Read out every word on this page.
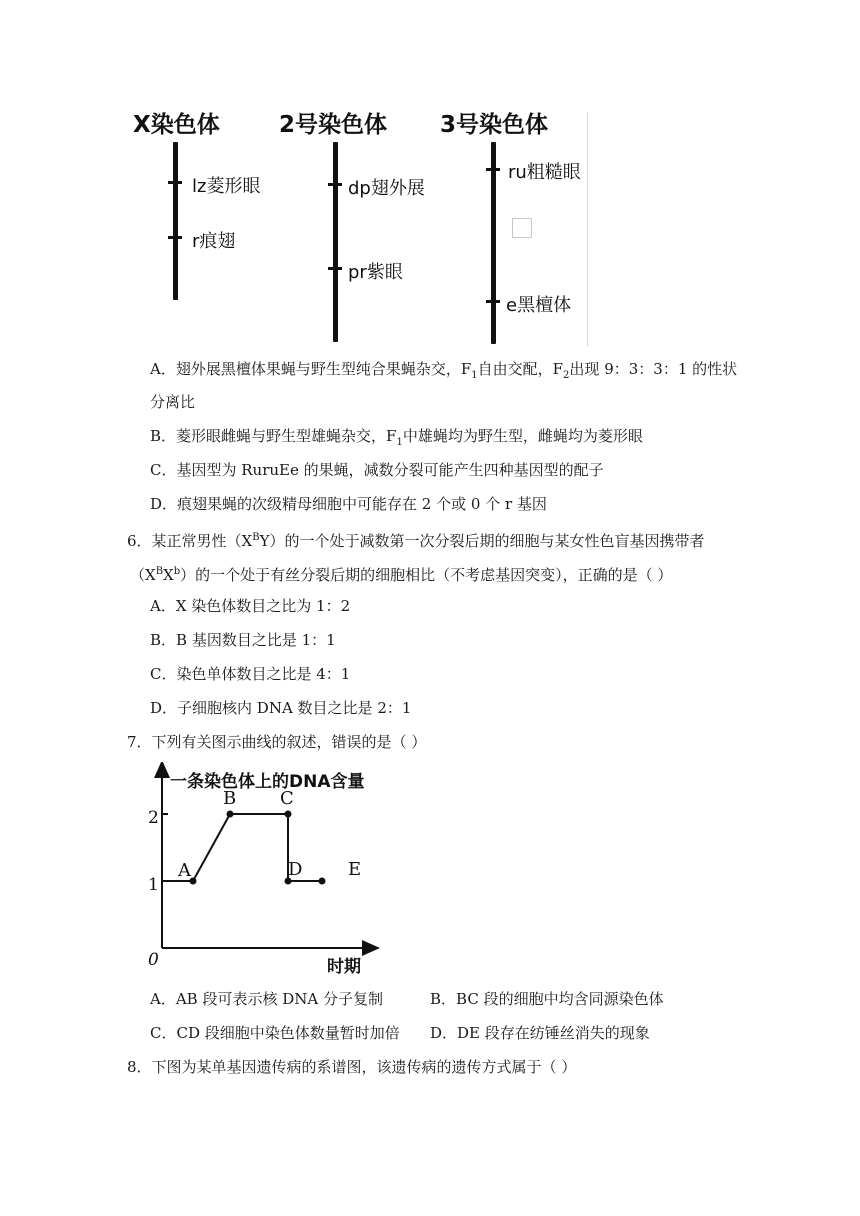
X染色体	2号染色体 3号染色体
lz菱形眼
r痕翅
dp翅外展
pr紫眼
ru粗糙眼
e黑檀体
A．翅外展黑檀体果蝇与野生型纯合果蝇杂交，$F_1$自由交配，$F_2$出现 9：3：3：1 的性状
分离比
B．菱形眼雌蝇与野生型雄蝇杂交，$F_1$中雄蝇均为野生型，雌蝇均为菱形眼
C．基因型为 RuruEe 的果蝇，减数分裂可能产生四种基因型的配子
D．痕翅果蝇的次级精母细胞中可能存在 2 个或 0 个 r 基因
6．某正常男性$(X^BY)$的一个处于减数第一次分裂后期的细胞与某女性色盲基因携带者
$(X^BX^b)$的一个处于有丝分裂后期的细胞相比（不考虑基因突变），正确的是（ ）
A．X 染色体数目之比为 1：2
B．B 基因数目之比是 1：1
C．染色单体数目之比是 4：1
D．子细胞核内 DNA 数目之比是 2：1
7．下列有关图示曲线的叙述，错误的是（ ）
一条染色体上的DNA含量
时期
0
1
2
A
B C
D	E
A．AB 段可表示核 DNA 分子复制	B．BC 段的细胞中均含同源染色体
C．CD 段细胞中染色体数量暂时加倍 D．DE 段存在纺锤丝消失的现象
8．下图为某单基因遗传病的系谱图，该遗传病的遗传方式属于（ ）
